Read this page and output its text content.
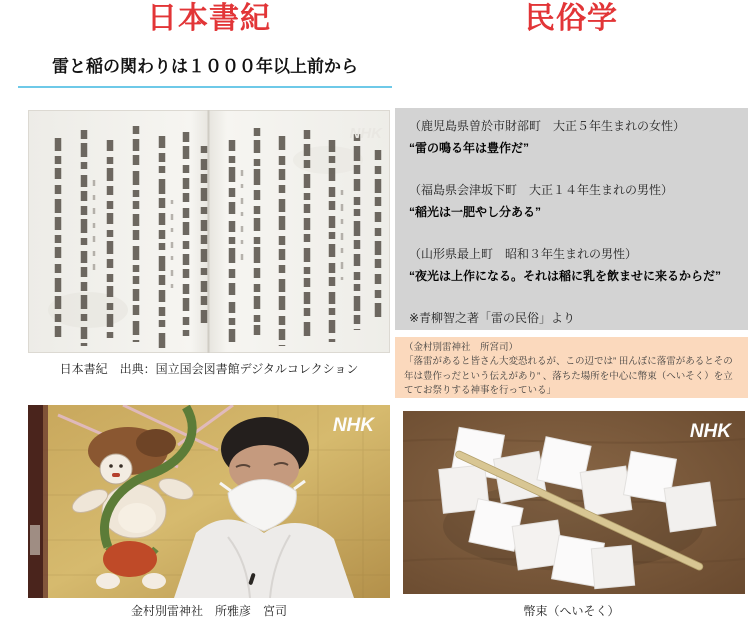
日本書紀	民俗学
雷と稲の関わりは１０００年以上前から
NHK
日本書紀　出典：国立国会図書館デジタルコレクション
NHK
金村別雷神社　所雅彦　宮司

（鹿児島県曽於市財部町　大正５年生まれの女性）

“雷の鳴る年は豊作だ”

（福島県会津坂下町　大正１４年生まれの男性）

“稲光は一肥やし分ある”

（山形県最上町　昭和３年生まれの男性）

“夜光は上作になる。それは稲に乳を飲ませに来るからだ”

※青柳智之著「雷の民俗」より

（金村別雷神社　所宮司）

「落雷があると皆さん大変恐れるが、この辺では” 田んぼに落雷があるとその年は豊作っだという伝えがあり” 、落ちた場所を中心に幣束（へいそく）を立ててお祭りする神事を行っている」

NHK
幣束（へいそく）
